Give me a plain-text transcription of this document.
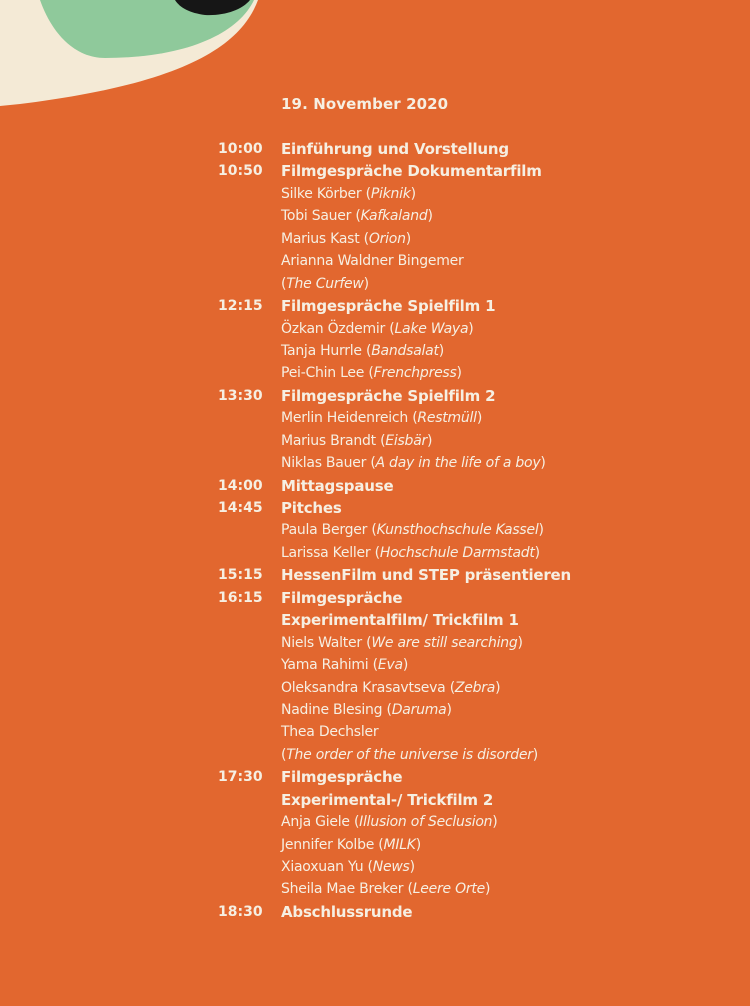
19. November 2020
10:00 Einführung und Vorstellung
10:50 Filmgespräche Dokumentarfilm
Silke Körber (Piknik)
Tobi Sauer (Kafkaland)
Marius Kast (Orion)
Arianna Waldner Bingemer
(The Curfew)
12:15 Filmgespräche Spielfilm 1
Özkan Özdemir (Lake Waya)
Tanja Hurrle (Bandsalat)
Pei-Chin Lee (Frenchpress)
13:30 Filmgespräche Spielfilm 2
Merlin Heidenreich (Restmüll)
Marius Brandt (Eisbär)
Niklas Bauer (A day in the life of a boy)
14:00 Mittagspause
14:45 Pitches
Paula Berger (Kunsthochschule Kassel)
Larissa Keller (Hochschule Darmstadt)
15:15 HessenFilm und STEP präsentieren
16:15 Filmgespräche
Experimentalfilm/ Trickfilm 1
Niels Walter (We are still searching)
Yama Rahimi (Eva)
Oleksandra Krasavtseva (Zebra)
Nadine Blesing (Daruma)
Thea Dechsler
(The order of the universe is disorder)
17:30 Filmgespräche
Experimental-/ Trickfilm 2
Anja Giele (Illusion of Seclusion)
Jennifer Kolbe (MILK)
Xiaoxuan Yu (News)
Sheila Mae Breker (Leere Orte)
18:30 Abschlussrunde
